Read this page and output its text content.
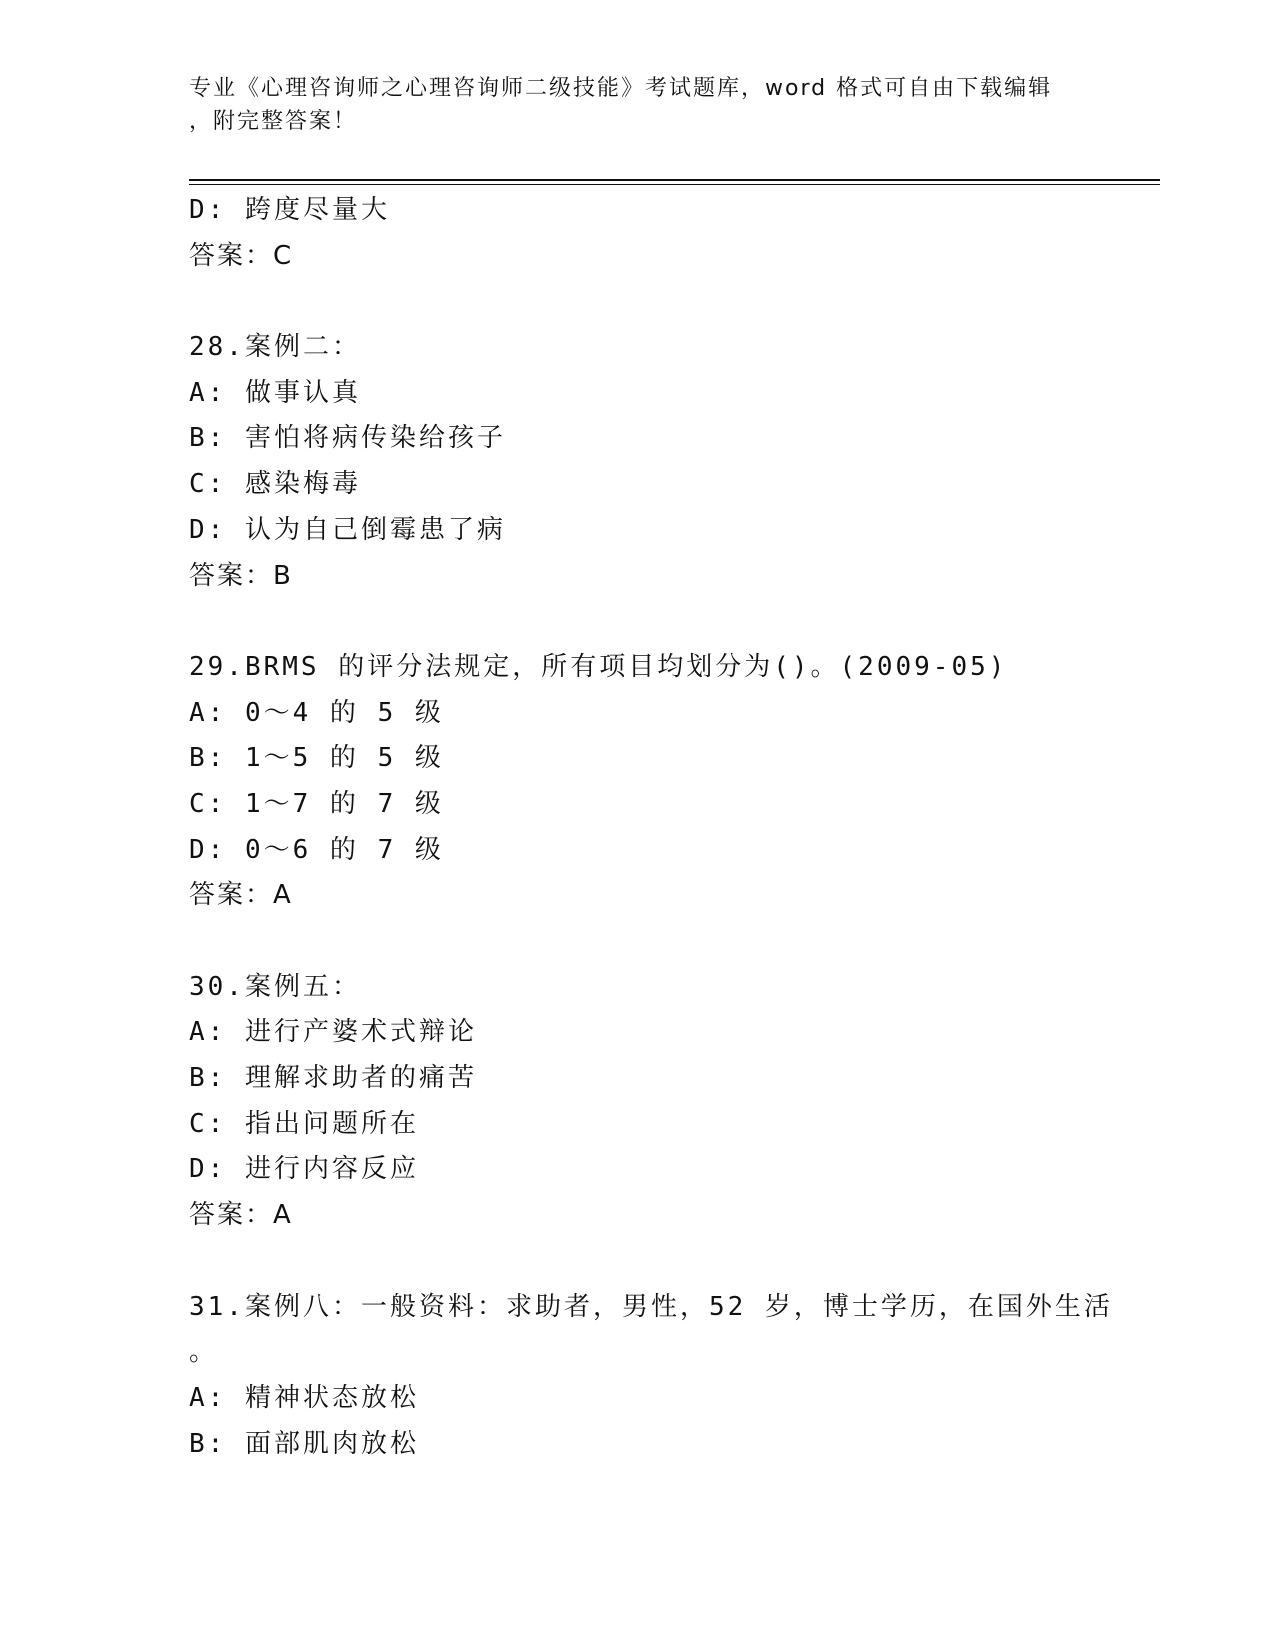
专业《心理咨询师之心理咨询师二级技能》考试题库，word 格式可自由下载编辑
，附完整答案！
D: 跨度尽量大
答案：C
28.案例二：
A: 做事认真
B: 害怕将病传染给孩子
C: 感染梅毒
D: 认为自己倒霉患了病
答案：B
29.BRMS 的评分法规定，所有项目均划分为()。(2009-05)
A: 0～4 的 5 级
B: 1～5 的 5 级
C: 1～7 的 7 级
D: 0～6 的 7 级
答案：A
30.案例五：
A: 进行产婆术式辩论
B: 理解求助者的痛苦
C: 指出问题所在
D: 进行内容反应
答案：A
31.案例八：一般资料：求助者，男性，52 岁，博士学历，在国外生活
。
A: 精神状态放松
B: 面部肌肉放松
